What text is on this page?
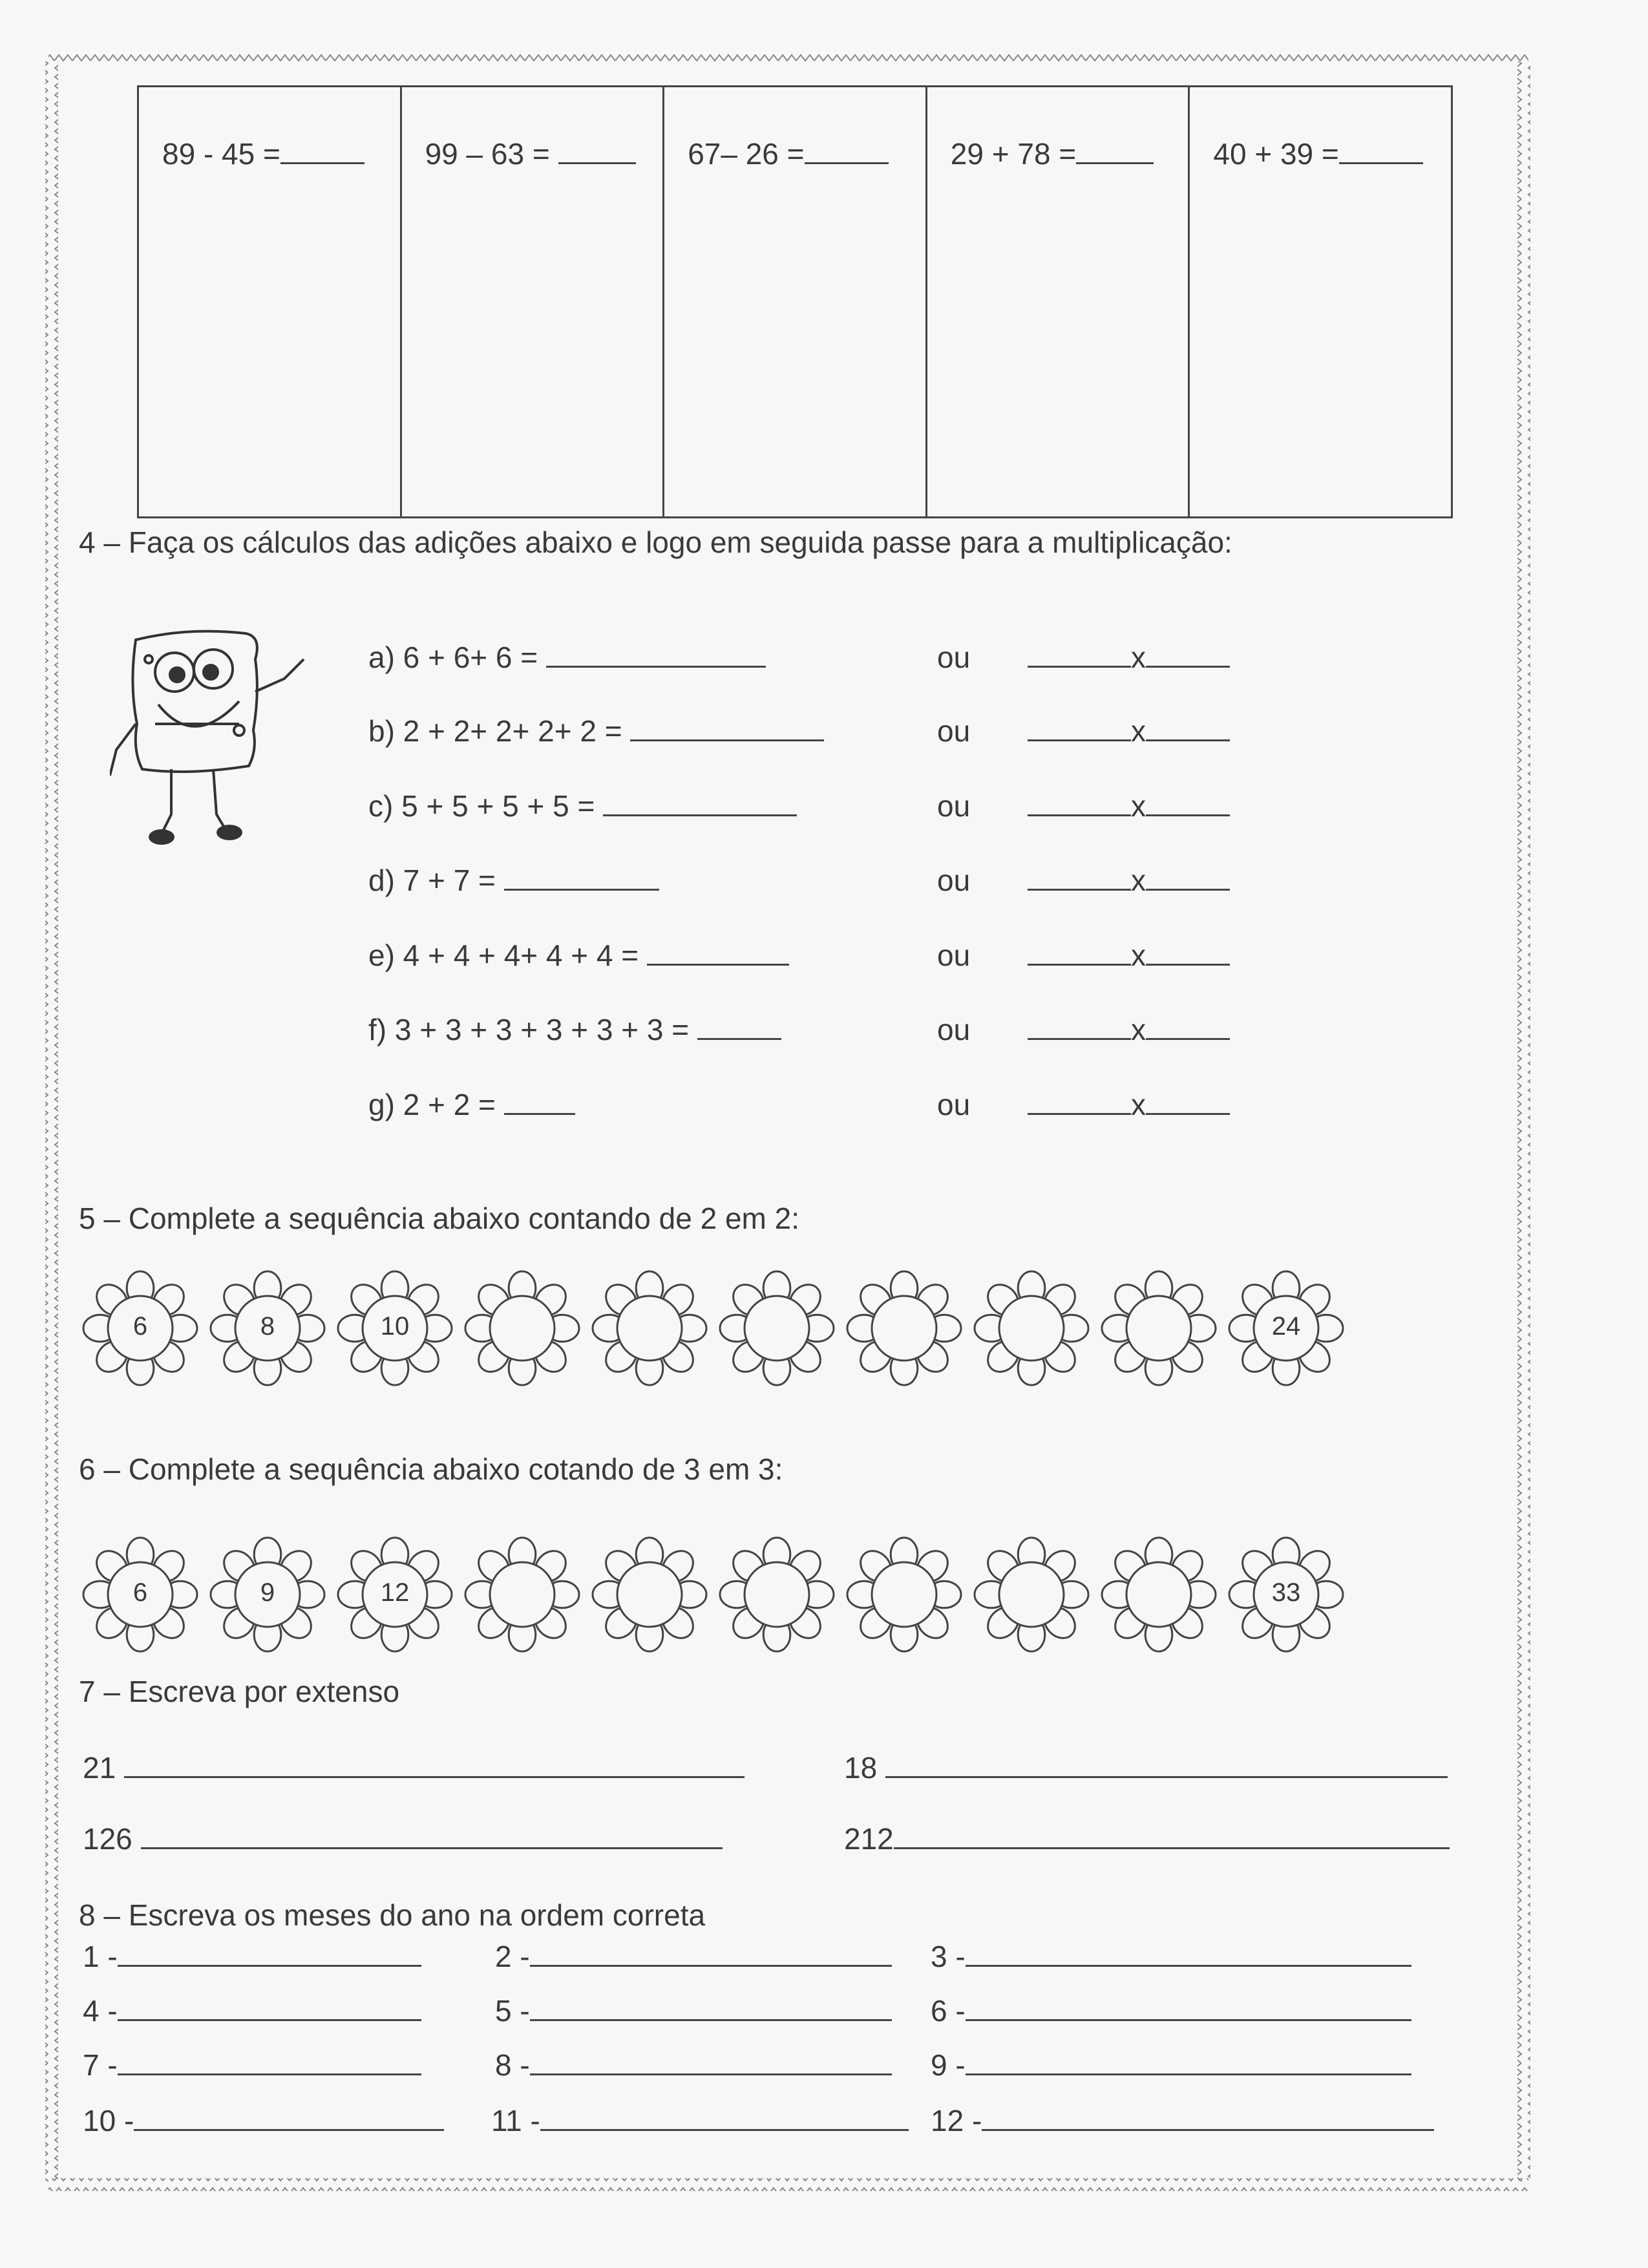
89 - 45 =	99 – 63 =	67– 26 =	29 + 78 =	40 + 39 =
4 – Faça os cálculos das adições abaixo e logo em seguida passe para a multiplicação:
a) 6 + 6+ 6 =	ou	x
b) 2 + 2+ 2+ 2+ 2 =	ou	x
c) 5 + 5 + 5 + 5 =	ou	x
d) 7 + 7 =	ou	x
e) 4 + 4 + 4+ 4 + 4 =	ou	x
f) 3 + 3 + 3 + 3 + 3 + 3 =	ou	x
g) 2 + 2 =	ou	x
5 – Complete a sequência abaixo contando de 2 em 2:
6	8	10	24
6 – Complete a sequência abaixo cotando de 3 em 3:
6	9	12	33
7 – Escreva por extenso
21	18
126	212
8 – Escreva os meses do ano na ordem correta
1 -	2 -	3 -
4 -	5 -	6 -
7 -	8 -	9 -
10 -	11 -	12 -
